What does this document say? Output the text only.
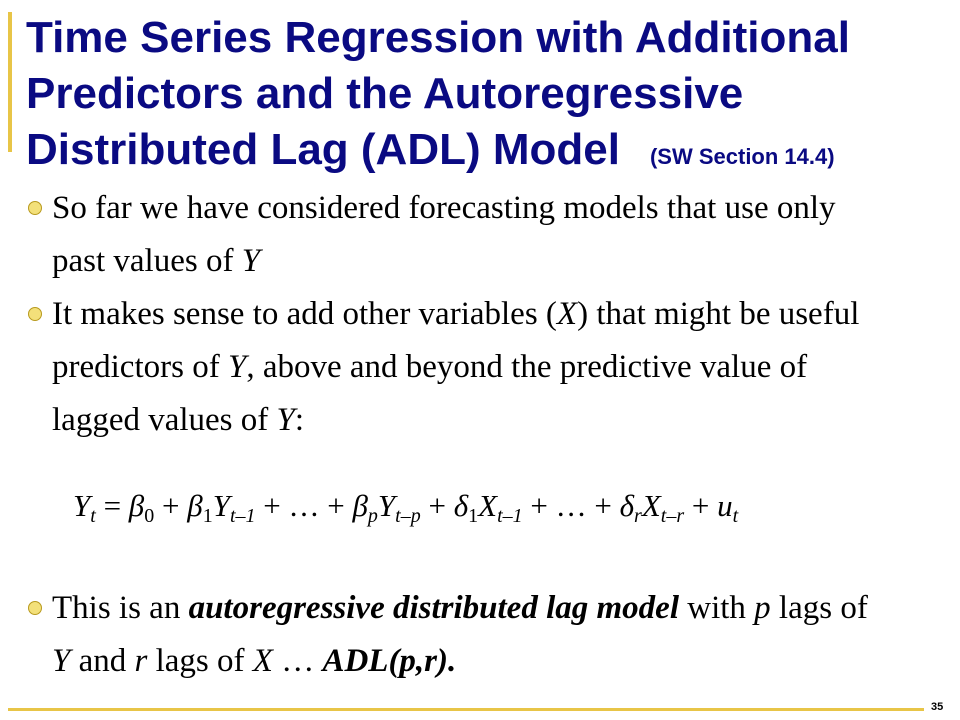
Time Series Regression with Additional
Predictors and the Autoregressive
Distributed Lag (ADL) Model (SW Section 14.4)
So far we have considered forecasting models that use only
past values of Y
It makes sense to add other variables (X) that might be useful
predictors of Y, above and beyond the predictive value of
lagged values of Y:
This is an autoregressive distributed lag model with p lags of
Y and r lags of X … ADL(p,r).
$Y_t = \beta_0 + \beta_1Y_{t-1}$ + … + $\beta_pY_{t-p} + \delta_1X_{t-1}$ + … + $\delta_rX_{t-r} + u_t$
35
